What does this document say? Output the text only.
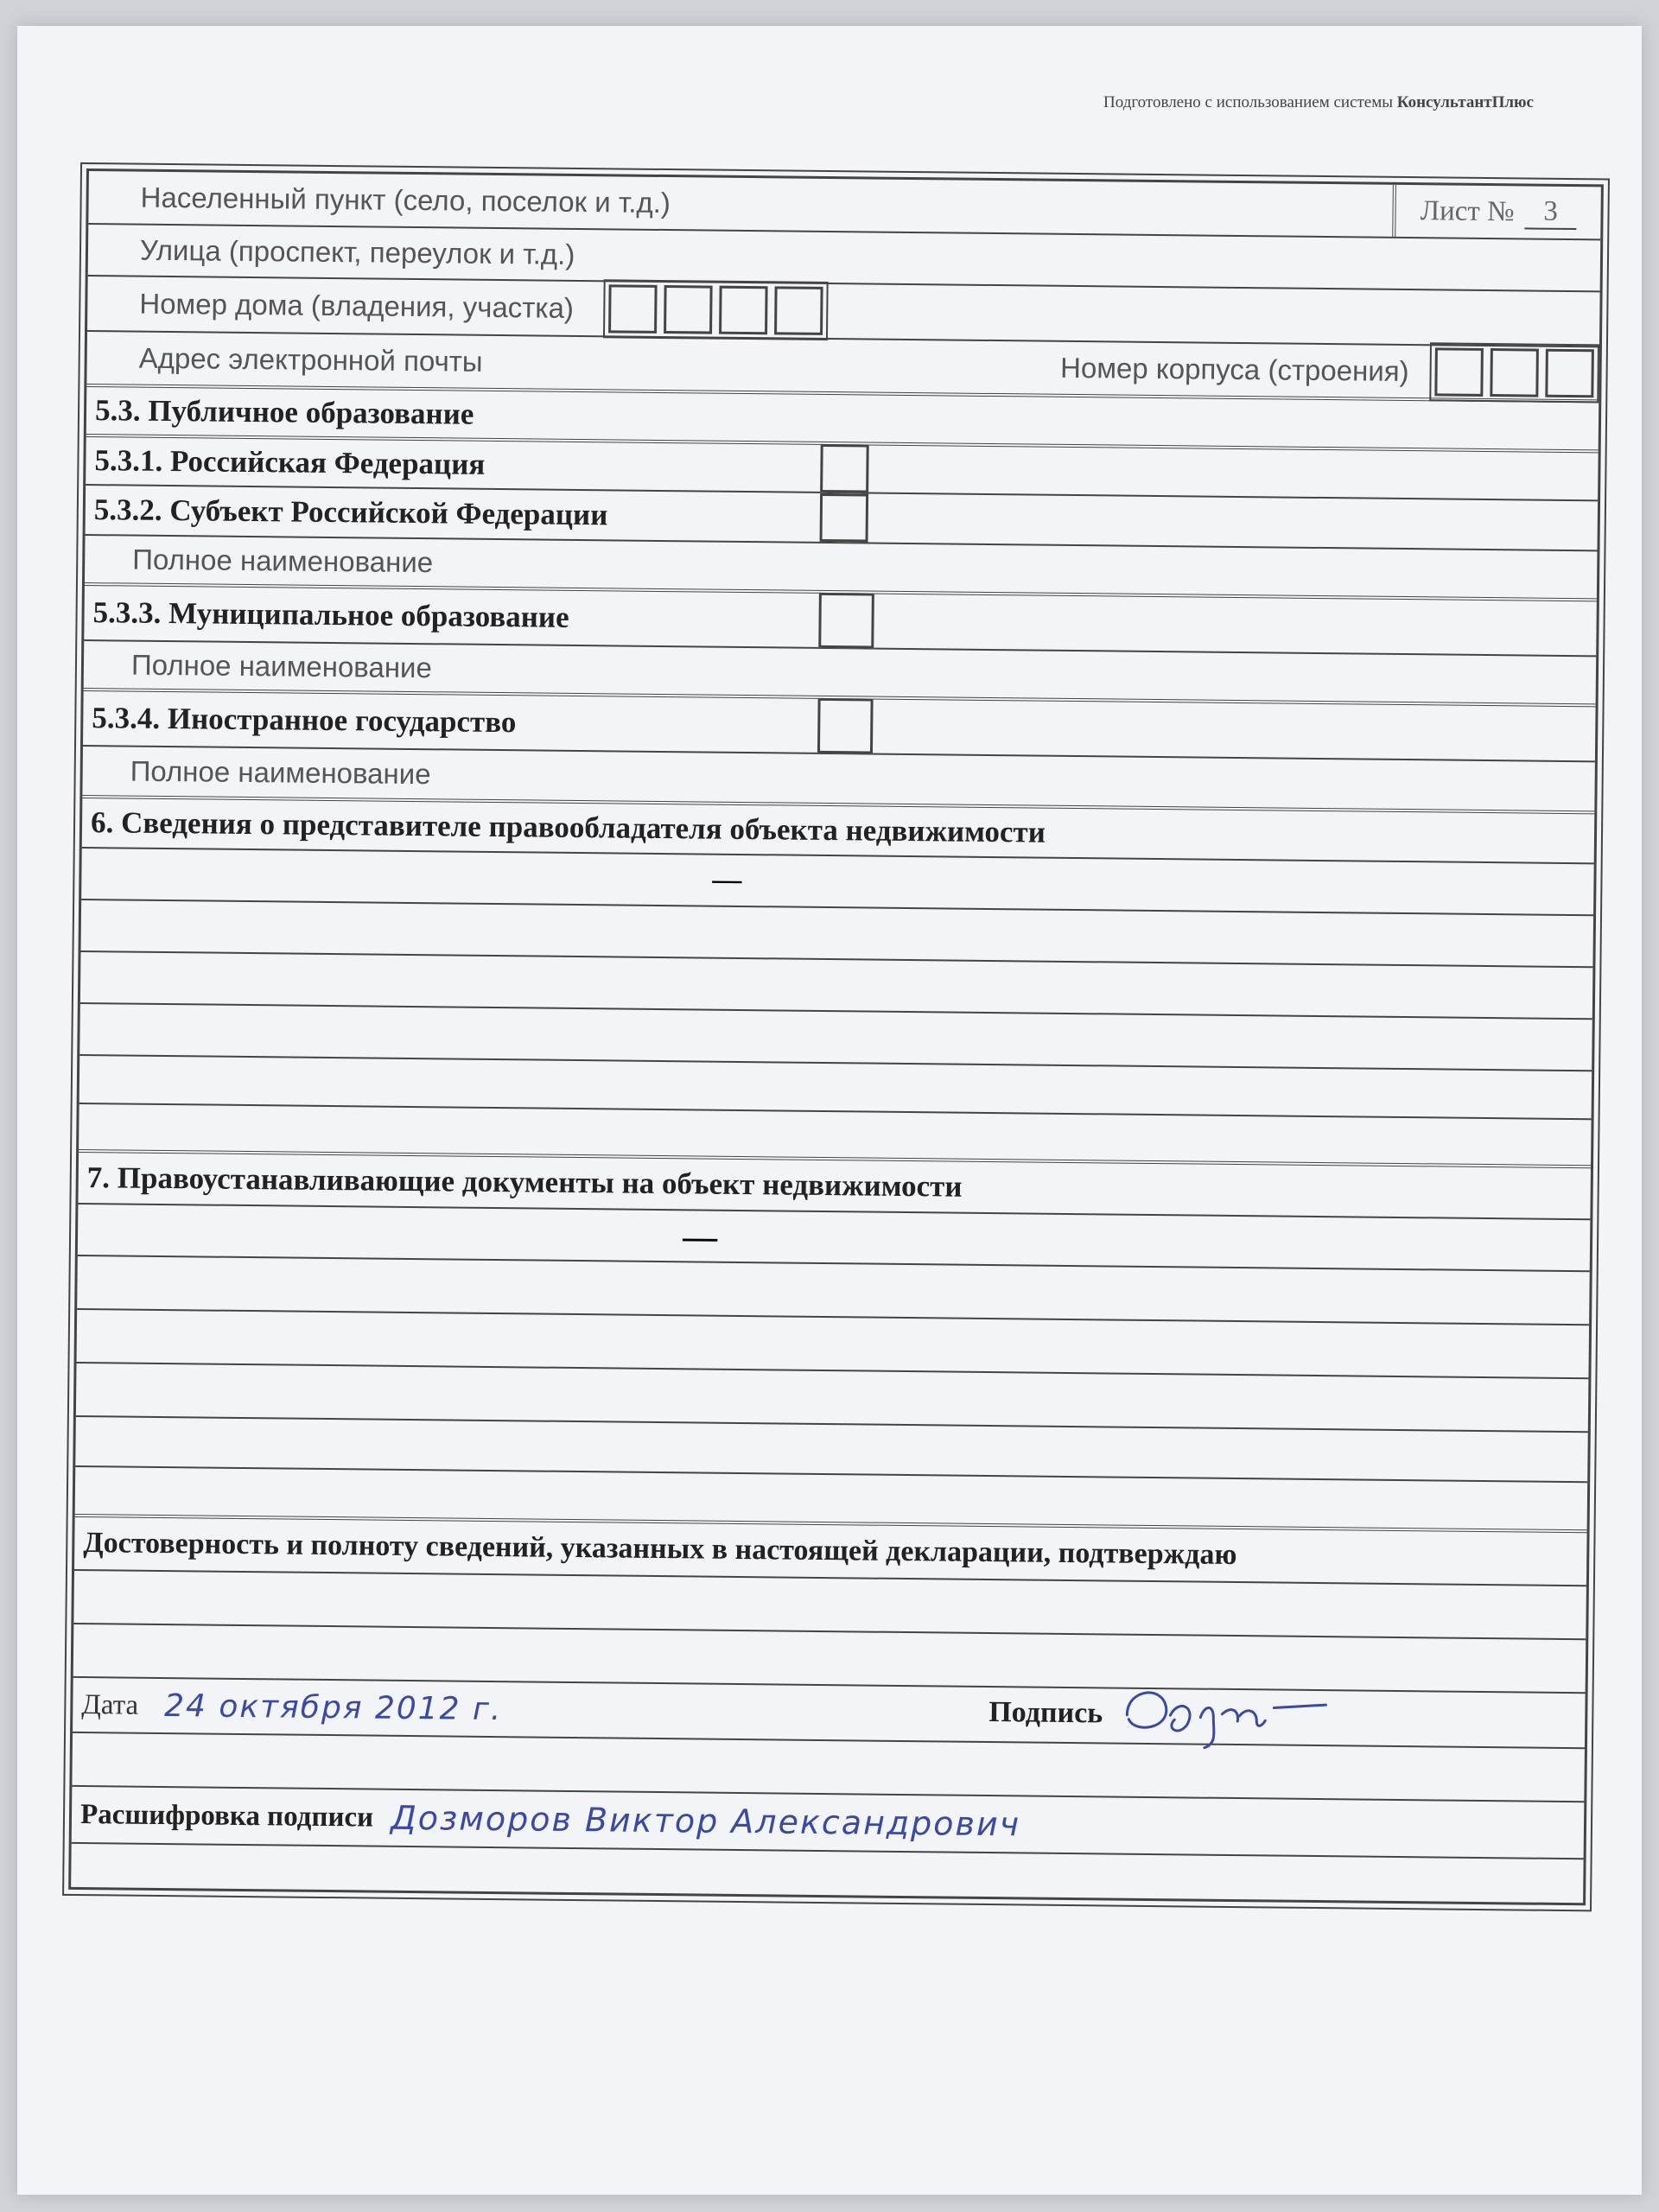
Подготовлено с использованием системы КонсультантПлюс
Населенный пункт (село, поселок и т.д.)	Лист №	3
Улица (проспект, переулок и т.д.)
Номер дома (владения, участка)
Адрес электронной почты	Номер корпуса (строения)
5.3. Публичное образование
5.3.1. Российская Федерация
5.3.2. Субъект Российской Федерации
Полное наименование
5.3.3. Муниципальное образование
Полное наименование
5.3.4. Иностранное государство
Полное наименование
6. Сведения о представителе правообладателя объекта недвижимости
—
7. Правоустанавливающие документы на объект недвижимости
—
Достоверность и полноту сведений, указанных в настоящей декларации, подтверждаю
Дата 24 октября 2012 г.	Подпись
Расшифровка подписи Дозморов Виктор Александрович
